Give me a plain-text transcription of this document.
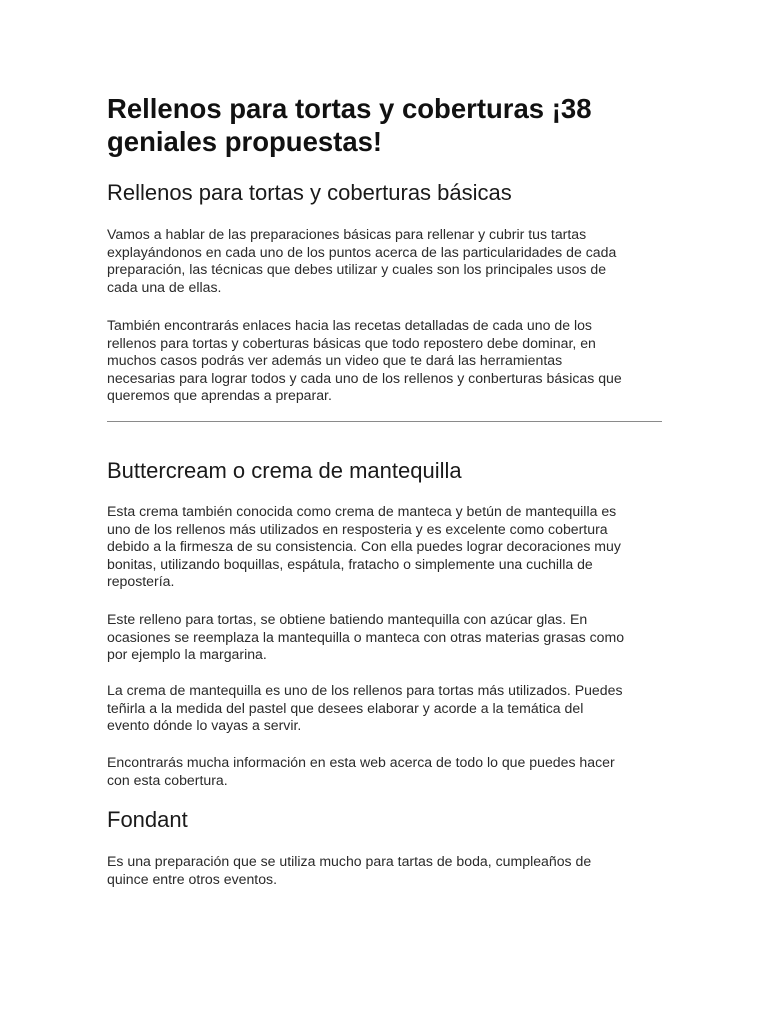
Rellenos para tortas y coberturas ¡38
geniales propuestas!
Rellenos para tortas y coberturas básicas

Vamos a hablar de las preparaciones básicas para rellenar y cubrir tus tartas
explayándonos en cada uno de los puntos acerca de las particularidades de cada
preparación, las técnicas que debes utilizar y cuales son los principales usos de
cada una de ellas.

También encontrarás enlaces hacia las recetas detalladas de cada uno de los
rellenos para tortas y coberturas básicas que todo repostero debe dominar, en
muchos casos podrás ver además un video que te dará las herramientas
necesarias para lograr todos y cada uno de los rellenos y conberturas básicas que
queremos que aprendas a preparar.

Buttercream o crema de mantequilla

Esta crema también conocida como crema de manteca y betún de mantequilla es
uno de los rellenos más utilizados en resposteria y es excelente como cobertura
debido a la firmesza de su consistencia. Con ella puedes lograr decoraciones muy
bonitas, utilizando boquillas, espátula, fratacho o simplemente una cuchilla de
repostería.

Este relleno para tortas, se obtiene batiendo mantequilla con azúcar glas. En
ocasiones se reemplaza la mantequilla o manteca con otras materias grasas como
por ejemplo la margarina.

La crema de mantequilla es uno de los rellenos para tortas más utilizados. Puedes
teñirla a la medida del pastel que desees elaborar y acorde a la temática del
evento dónde lo vayas a servir.

Encontrarás mucha información en esta web acerca de todo lo que puedes hacer
con esta cobertura.

Fondant

Es una preparación que se utiliza mucho para tartas de boda, cumpleaños de
quince entre otros eventos.
